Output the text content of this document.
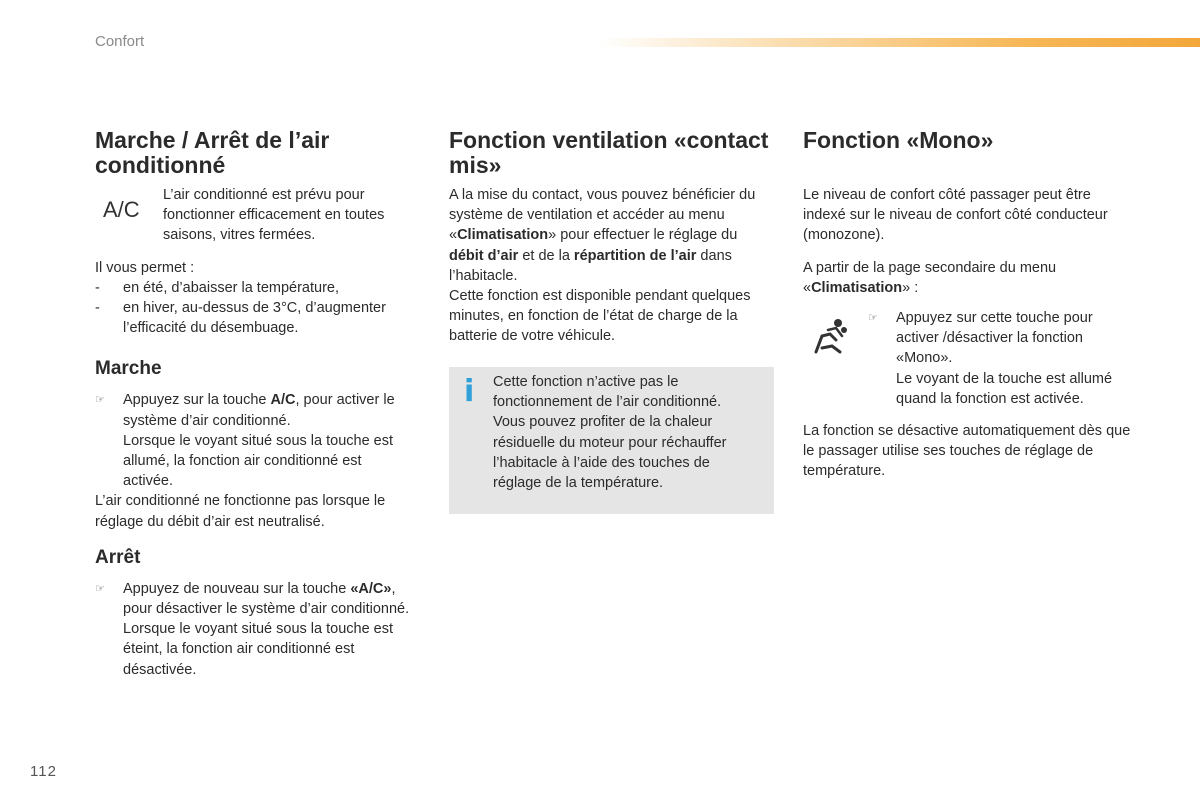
Confort
Marche / Arrêt de l’air conditionné
A/C

L’air conditionné est prévu pour fonctionner efficacement en toutes saisons, vitres fermées.

Il vous permet :

- en été, d’abaisser la température,
- en hiver, au-dessus de 3°C, d’augmenter l’efficacité du désembuage.
Marche
☞	Appuyez sur la touche A/C, pour activer le système d’air conditionné.
Lorsque le voyant situé sous la touche est allumé, la fonction air conditionné est activée.

L’air conditionné ne fonctionne pas lorsque le réglage du débit d’air est neutralisé.

Arrêt
☞	Appuyez de nouveau sur la touche «A/C», pour désactiver le système d’air conditionné.
Lorsque le voyant situé sous la touche est éteint, la fonction air conditionné est désactivée.
Fonction ventilation «contact mis»

A la mise du contact, vous pouvez bénéficier du système de ventilation et accéder au menu «Climatisation» pour effectuer le réglage du débit d’air et de la répartition de l’air dans l’habitacle.

Cette fonction est disponible pendant quelques minutes, en fonction de l’état de charge de la batterie de votre véhicule.

i Cette fonction n’active pas le fonctionnement de l’air conditionné. Vous pouvez profiter de la chaleur résiduelle du moteur pour réchauffer l’habitacle à l’aide des touches de réglage de la température.
Fonction «Mono»

Le niveau de confort côté passager peut être indexé sur le niveau de confort côté conducteur (monozone).

A partir de la page secondaire du menu «Climatisation» :

☞	Appuyez sur cette touche pour activer /désactiver la fonction «Mono».
Le voyant de la touche est allumé quand la fonction est activée.

La fonction se désactive automatiquement dès que le passager utilise ses touches de réglage de température.

112
